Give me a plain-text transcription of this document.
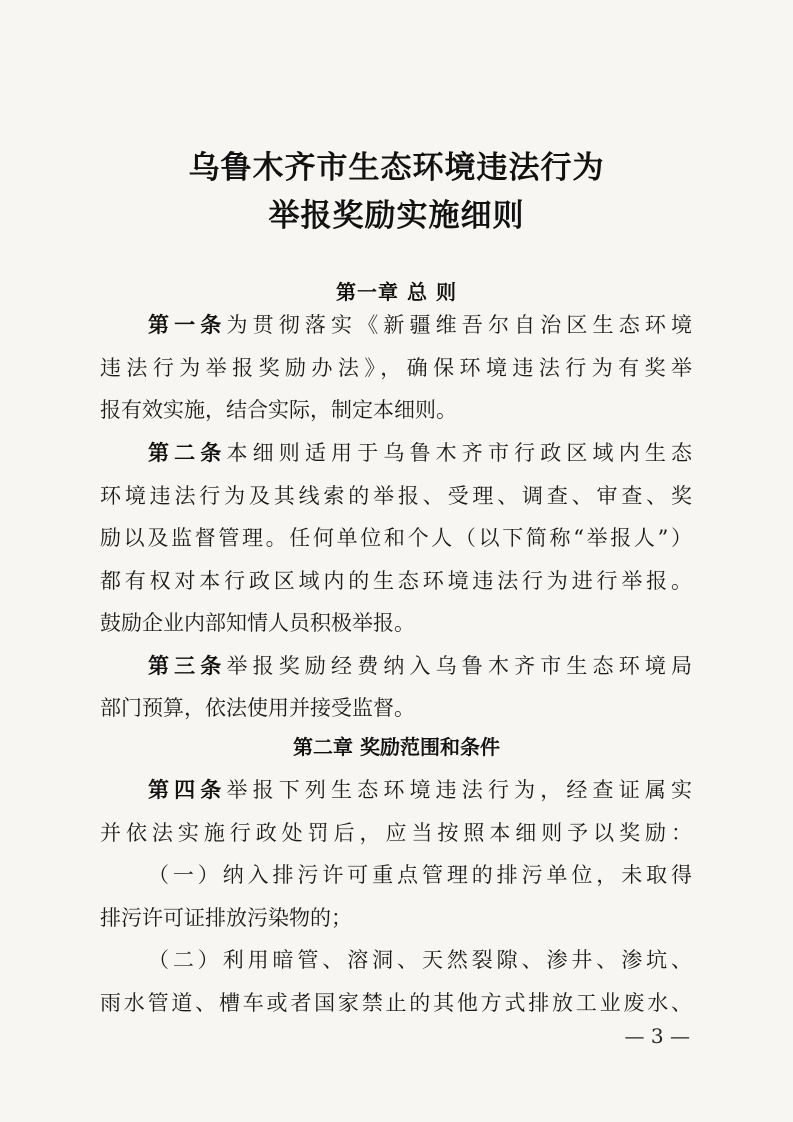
乌鲁木齐市生态环境违法行为
举报奖励实施细则
第一章 总 则
第一条为贯彻落实《新疆维吾尔自治区生态环境
违法行为举报奖励办法》，确保环境违法行为有奖举
报有效实施，结合实际，制定本细则。
第二条本细则适用于乌鲁木齐市行政区域内生态
环境违法行为及其线索的举报、受理、调查、审查、奖
励以及监督管理。任何单位和个人（以下简称“举报人”）
都有权对本行政区域内的生态环境违法行为进行举报。
鼓励企业内部知情人员积极举报。
第三条举报奖励经费纳入乌鲁木齐市生态环境局
部门预算，依法使用并接受监督。
第二章 奖励范围和条件
第四条举报下列生态环境违法行为，经查证属实
并依法实施行政处罚后，应当按照本细则予以奖励：
（一）纳入排污许可重点管理的排污单位，未取得
排污许可证排放污染物的；
（二）利用暗管、溶洞、天然裂隙、渗井、渗坑、
雨水管道、槽车或者国家禁止的其他方式排放工业废水、
— 3 —
